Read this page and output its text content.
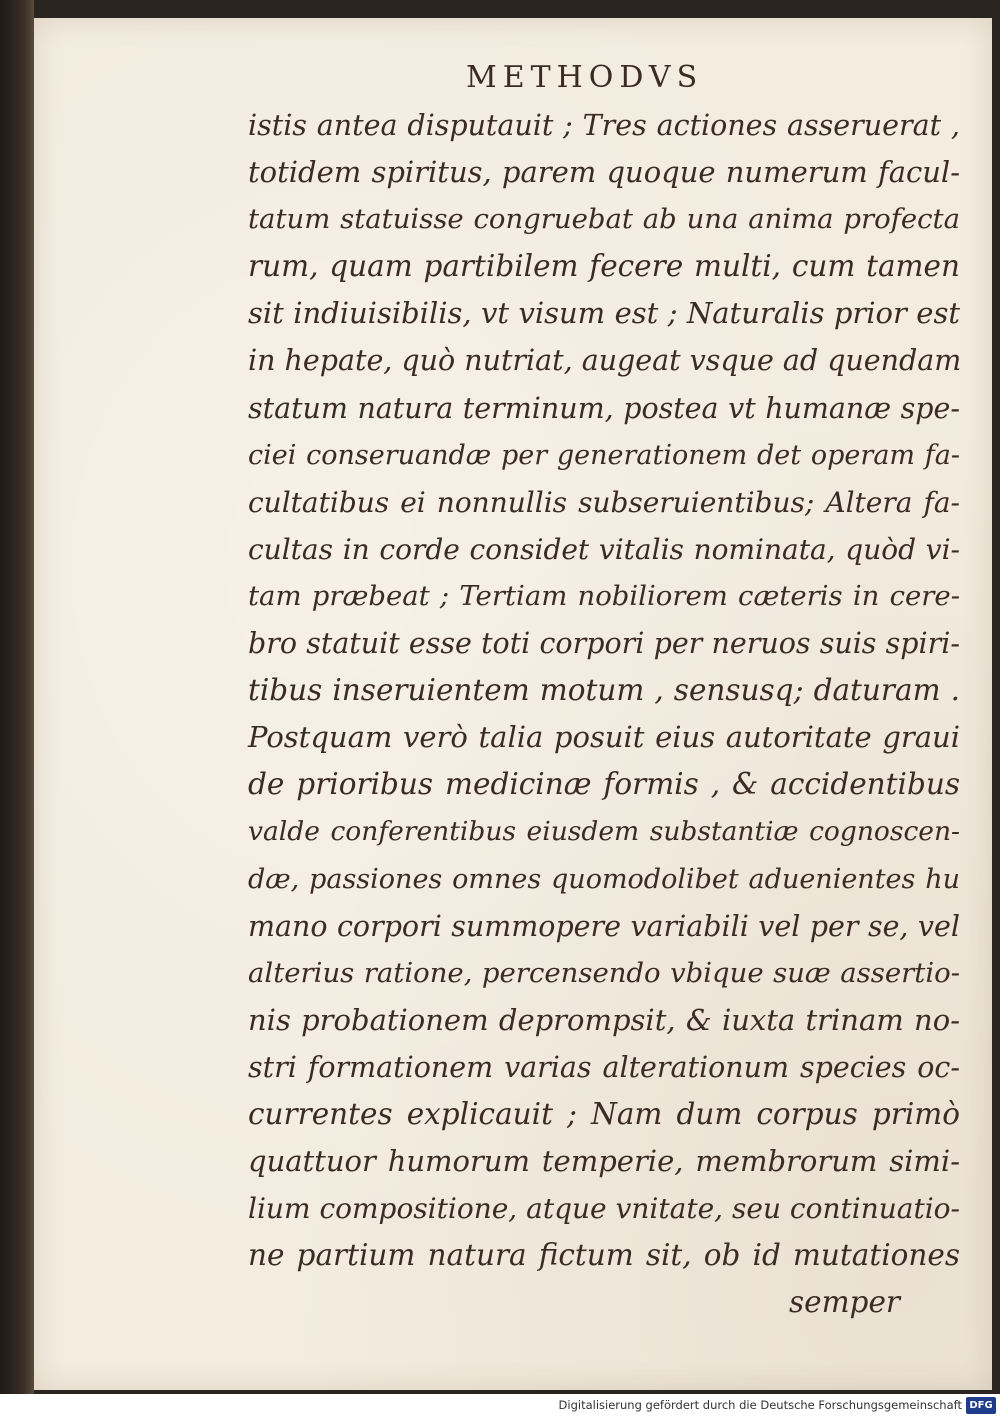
METHODVS
istis antea disputauit ; Tres actiones asseruerat ,
totidem spiritus, parem quoque numerum facul-
tatum statuisse congruebat ab una anima profecta
rum, quam partibilem fecere multi, cum tamen
sit indiuisibilis, vt visum est ; Naturalis prior est
in hepate, quò nutriat, augeat vsque ad quendam
statum natura terminum, postea vt humanæ spe-
ciei conseruandæ per generationem det operam fa-
cultatibus ei nonnullis subseruientibus; Altera fa-
cultas in corde considet vitalis nominata, quòd vi-
tam præbeat ; Tertiam nobiliorem cæteris in cere-
bro statuit esse toti corpori per neruos suis spiri-
tibus inseruientem motum , sensusq; daturam .
Postquam verò talia posuit eius autoritate graui
de prioribus medicinæ formis , & accidentibus
valde conferentibus eiusdem substantiæ cognoscen-
dæ, passiones omnes quomodolibet aduenientes hu
mano corpori summopere variabili vel per se, vel
alterius ratione, percensendo vbique suæ assertio-
nis probationem deprompsit, & iuxta trinam no-
stri formationem varias alterationum species oc-
currentes explicauit ; Nam dum corpus primò
quattuor humorum temperie, membrorum simi-
lium compositione, atque vnitate, seu continuatio-
ne partium natura fictum sit, ob id mutationes
semper
Digitalisierung gefördert durch die Deutsche Forschungsgemeinschaft DFG
